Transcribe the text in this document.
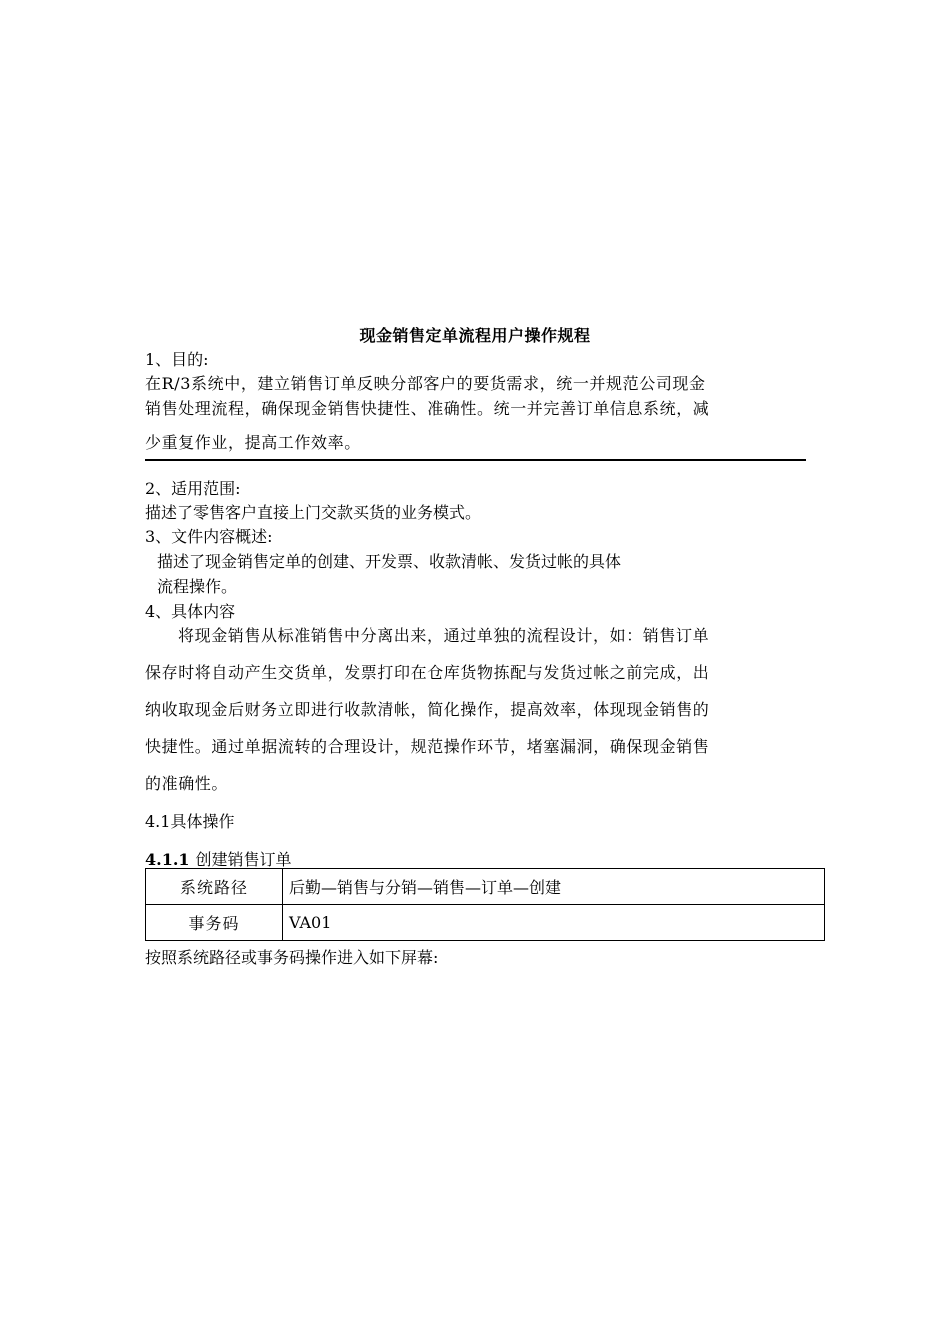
现金销售定单流程用户操作规程
1、目的:
在R/3系统中，建立销售订单反映分部客户的要货需求，统一并规范公司现金
销售处理流程，确保现金销售快捷性、准确性。统一并完善订单信息系统，减
少重复作业，提高工作效率。
2、适用范围:
描述了零售客户直接上门交款买货的业务模式。
3、文件内容概述:
描述了现金销售定单的创建、开发票、收款清帐、发货过帐的具体
流程操作。
4、具体内容
将现金销售从标准销售中分离出来，通过单独的流程设计，如：销售订单
保存时将自动产生交货单，发票打印在仓库货物拣配与发货过帐之前完成，出
纳收取现金后财务立即进行收款清帐，简化操作，提高效率，体现现金销售的
快捷性。通过单据流转的合理设计，规范操作环节，堵塞漏洞，确保现金销售
的准确性。
4.1具体操作
4.1.1 创建销售订单
系统路径	后勤—销售与分销—销售—订单—创建
事务码	VA01
按照系统路径或事务码操作进入如下屏幕:
